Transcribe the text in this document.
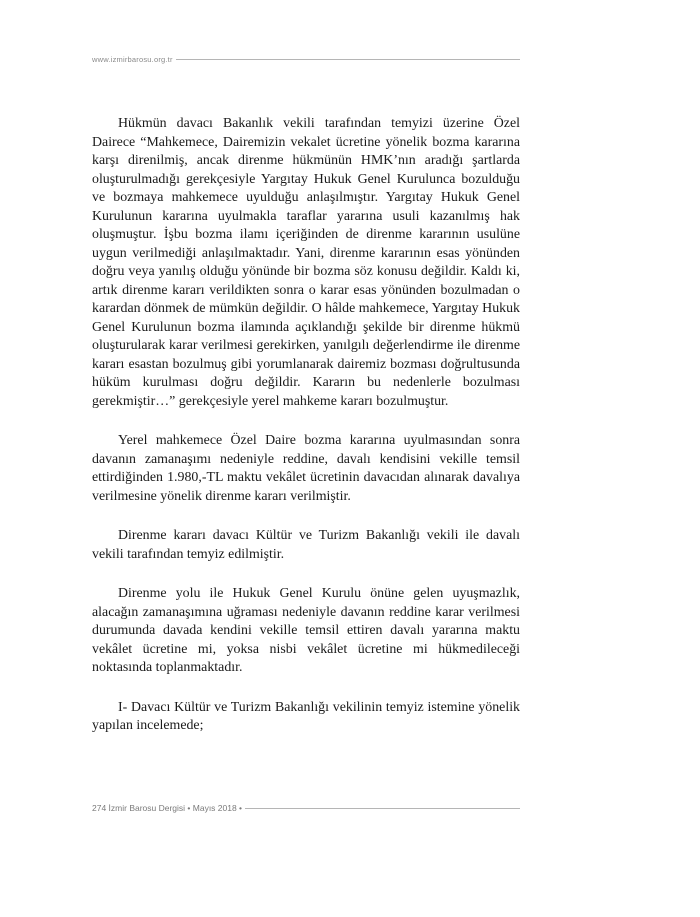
www.izmirbarosu.org.tr

Hükmün davacı Bakanlık vekili tarafından temyizi üzerine Özel Dairece “Mahkemece, Dairemizin vekalet ücretine yönelik bozma kararına karşı direnilmiş, ancak direnme hükmünün HMK’nın aradığı şartlarda oluşturulmadığı gerekçesiyle Yargıtay Hukuk Genel Kurulunca bozulduğu ve bozmaya mahkemece uyulduğu anlaşılmıştır. Yargıtay Hukuk Genel Kurulunun kararına uyulmakla taraflar yararına usuli kazanılmış hak oluşmuştur. İşbu bozma ilamı içeriğinden de direnme kararının usulüne uygun verilmediği anlaşılmaktadır. Yani, direnme kararının esas yönünden doğru veya yanılış olduğu yönünde bir bozma söz konusu değildir. Kaldı ki, artık direnme kararı verildikten sonra o karar esas yönünden bozulmadan o karardan dönmek de mümkün değildir. O hâlde mahkemece, Yargıtay Hukuk Genel Kurulunun bozma ilamında açıklandığı şekilde bir direnme hükmü oluşturularak karar verilmesi gerekirken, yanılgılı değerlendirme ile direnme kararı esastan bozulmuş gibi yorumlanarak dairemiz bozması doğrultusunda hüküm kurulması doğru değildir. Kararın bu nedenlerle bozulması gerekmiştir…” gerekçesiyle yerel mahkeme kararı bozulmuştur.

Yerel mahkemece Özel Daire bozma kararına uyulmasından sonra davanın zamanaşımı nedeniyle reddine, davalı kendisini vekille temsil ettirdiğinden 1.980,-TL maktu vekâlet ücretinin davacıdan alınarak davalıya verilmesine yönelik direnme kararı verilmiştir.

Direnme kararı davacı Kültür ve Turizm Bakanlığı vekili ile davalı vekili tarafından temyiz edilmiştir.

Direnme yolu ile Hukuk Genel Kurulu önüne gelen uyuşmazlık, alacağın zamanaşımına uğraması nedeniyle davanın reddine karar verilmesi durumunda davada kendini vekille temsil ettiren davalı yararına maktu vekâlet ücretine mi, yoksa nisbi vekâlet ücretine mi hükmedileceği noktasında toplanmaktadır.

I- Davacı Kültür ve Turizm Bakanlığı vekilinin temyiz istemine yönelik yapılan incelemede;

274 İzmir Barosu Dergisi • Mayıs 2018 •
